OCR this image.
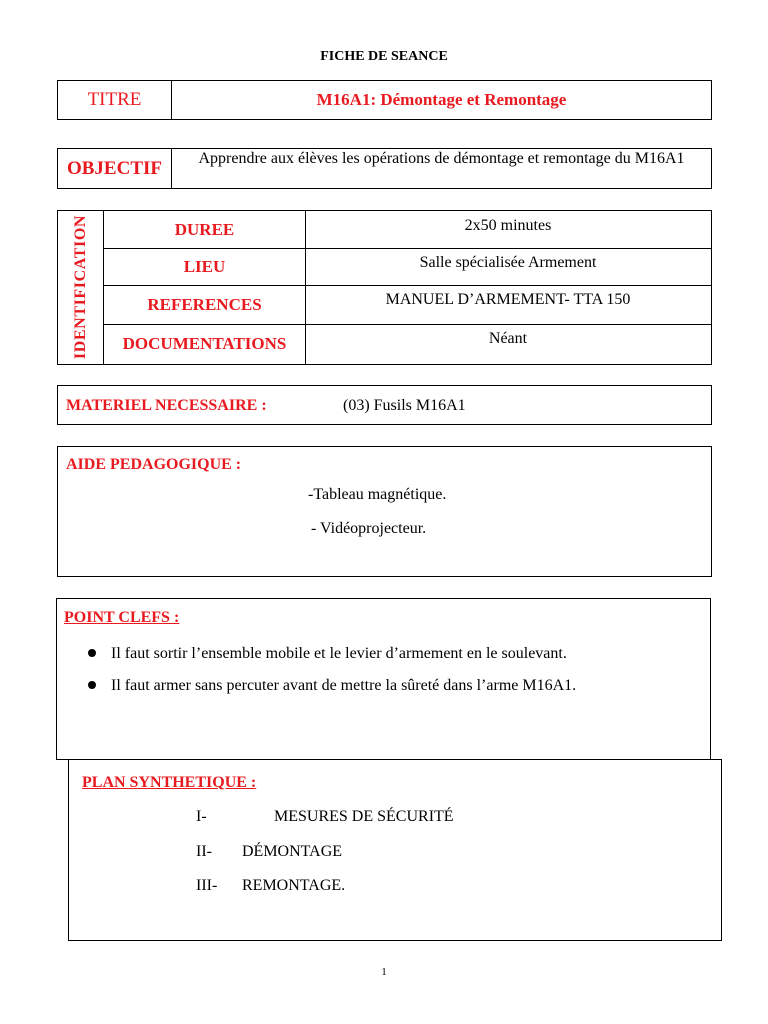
FICHE DE SEANCE
TITRE	M16A1: Démontage et Remontage
OBJECTIF	Apprendre aux élèves les opérations de démontage et remontage du M16A1
IDENTIFICATION	DUREE	2x50 minutes
LIEU	Salle spécialisée Armement
REFERENCES	MANUEL D’ARMEMENT- TTA 150
DOCUMENTATIONS	Néant
MATERIEL NECESSAIRE :	(03) Fusils M16A1
AIDE PEDAGOGIQUE :
-Tableau magnétique.
- Vidéoprojecteur.
POINT CLEFS :
Il faut sortir l’ensemble mobile et le levier d’armement en le soulevant.
Il faut armer sans percuter avant de mettre la sûreté dans l’arme M16A1.
PLAN SYNTHETIQUE :
I-	MESURES DE SÉCURITÉ
II- DÉMONTAGE
III- REMONTAGE.
1
